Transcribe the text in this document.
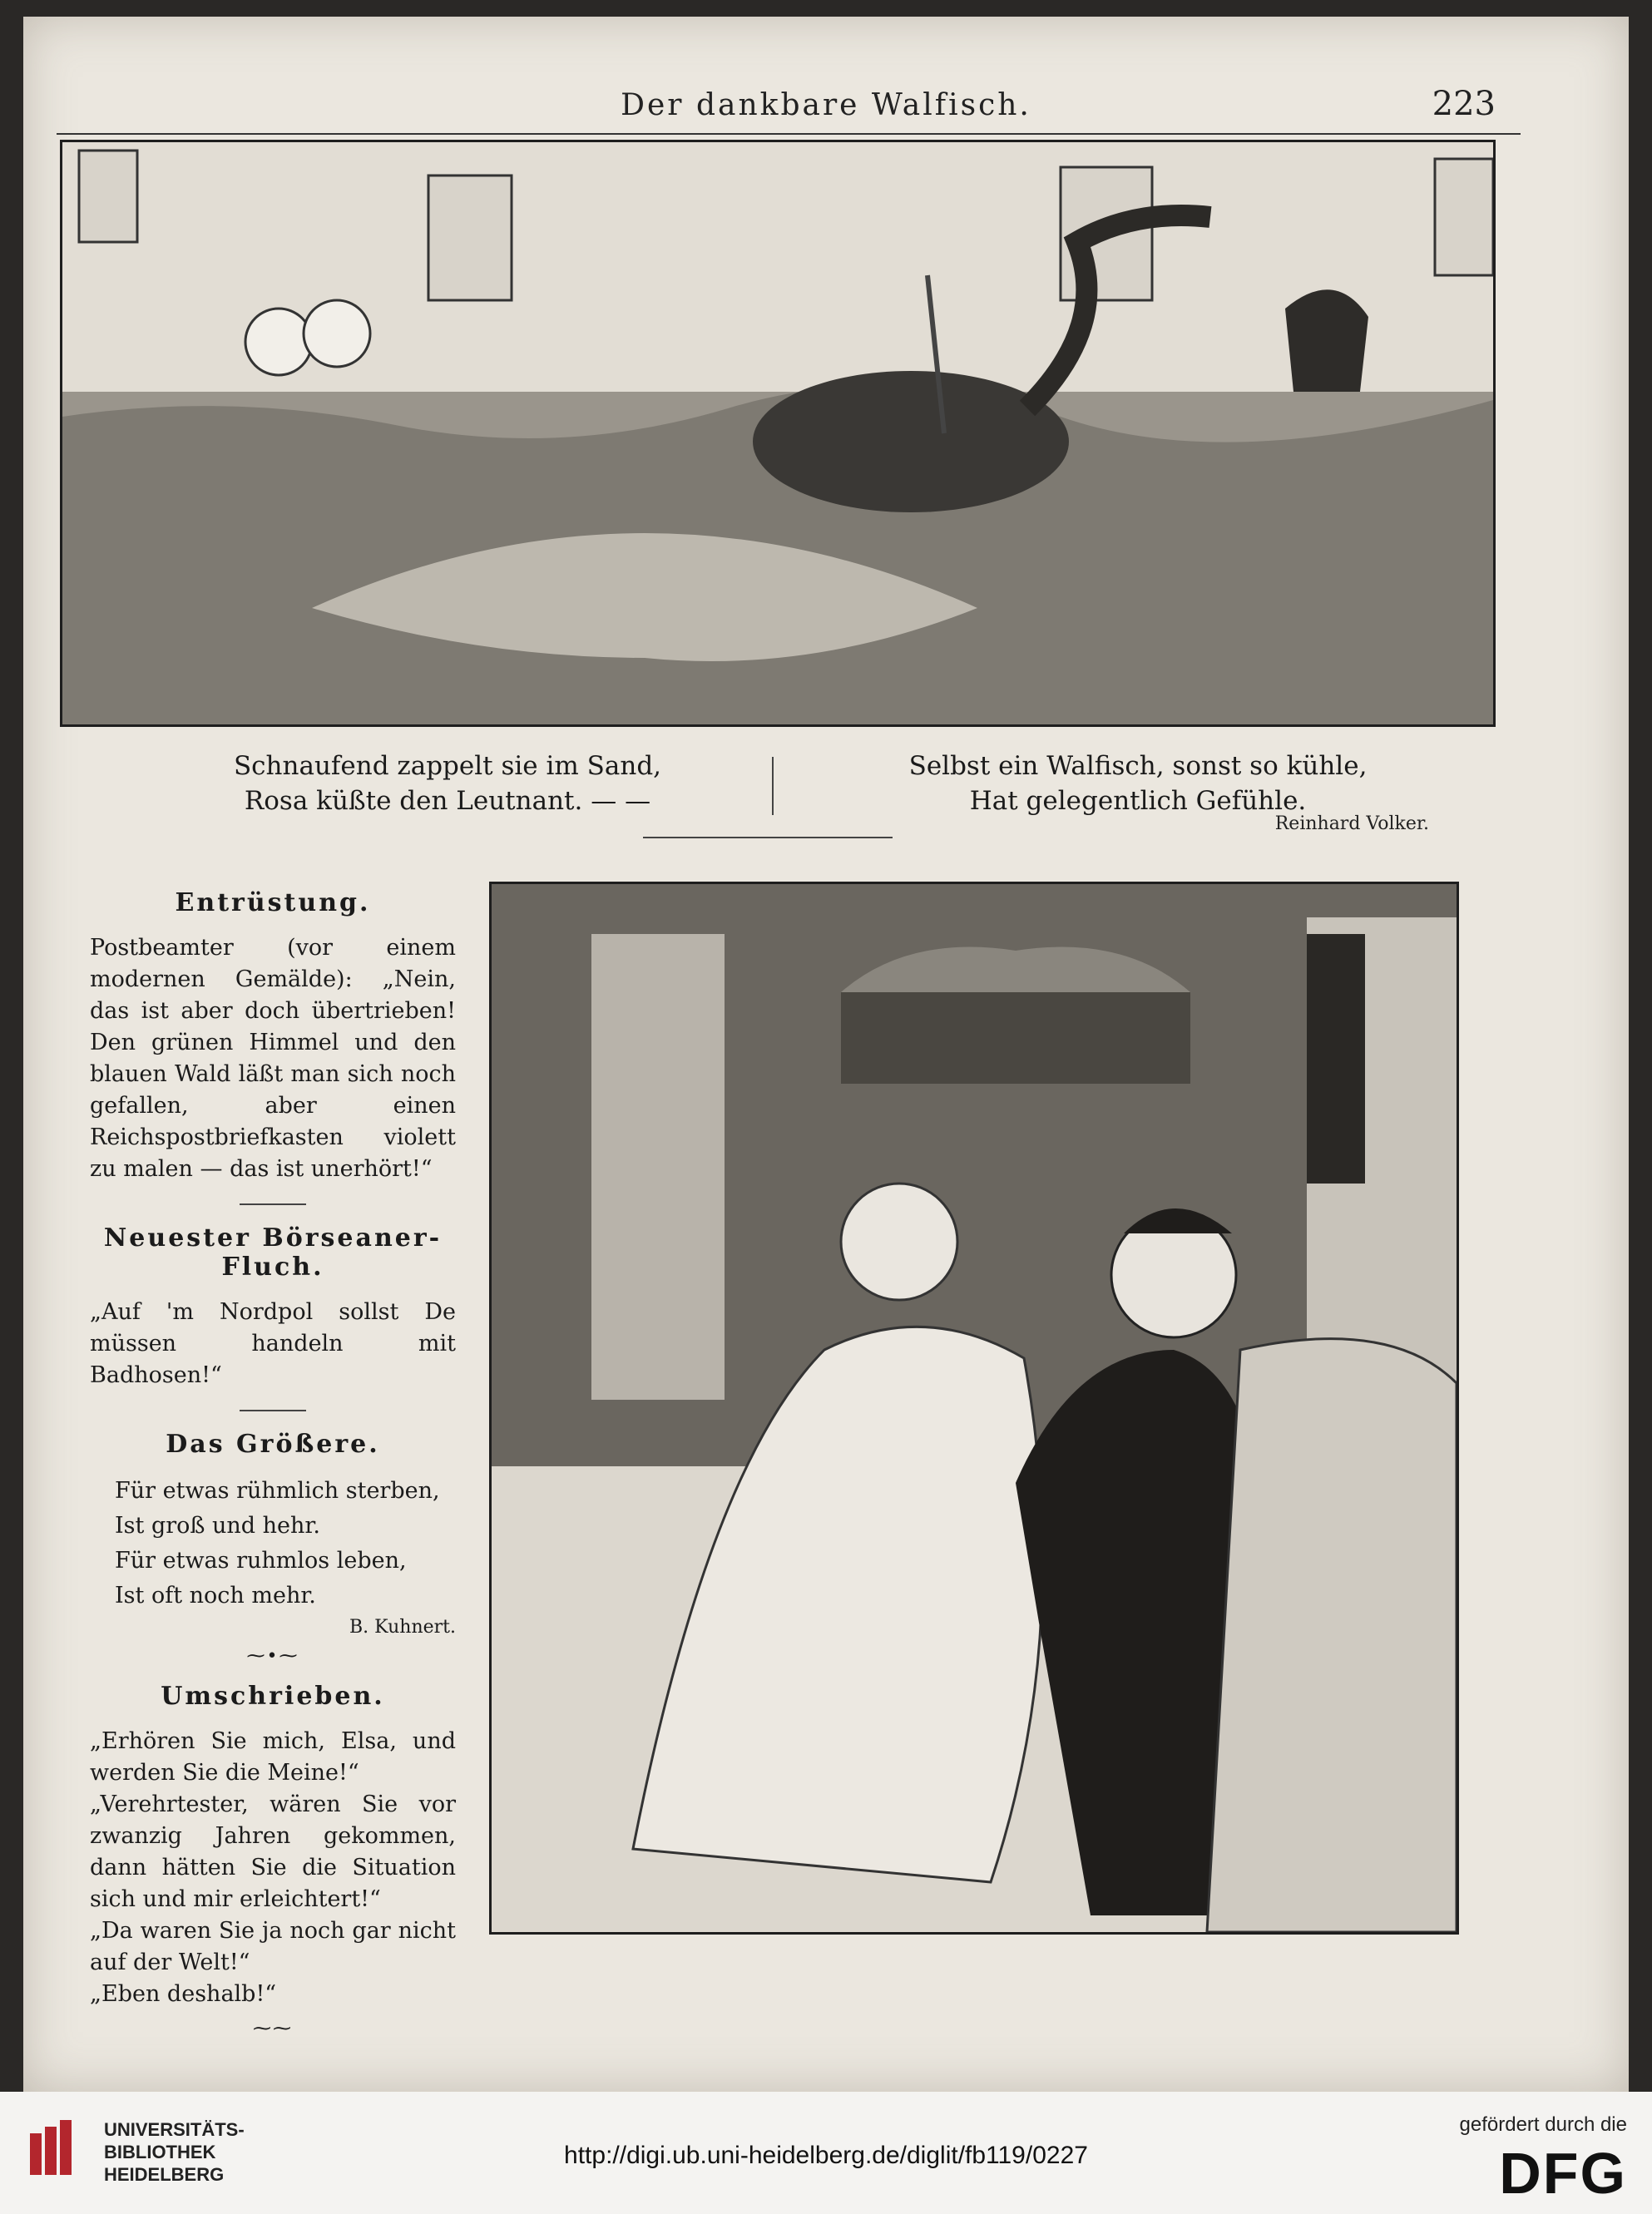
Der dankbare Walfisch.	223
Schnaufend zappelt sie im Sand,
Rosa küßte den Leutnant. — —
Selbst ein Walfisch, sonst so kühle,
Hat gelegentlich Gefühle.
Reinhard Volker.
Entrüstung.
Postbeamter (vor einem modernen Gemälde): „Nein, das ist aber doch übertrieben! Den grünen Himmel und den blauen Wald läßt man sich noch gefallen, aber einen Reichspostbriefkasten violett zu malen — das ist unerhört!“
Neuester Börseaner-Fluch.
„Auf 'm Nordpol sollst De müssen handeln mit Badhosen!“
Das Größere.
Für etwas rühmlich sterben,
Ist groß und hehr.
Für etwas ruhmlos leben,
Ist oft noch mehr.
B. Kuhnert.
⁓•⁓
Umschrieben.
„Erhören Sie mich, Elsa, und werden Sie die Meine!“
„Verehrtester, wären Sie vor zwanzig Jahren gekommen, dann hätten Sie die Situation sich und mir erleichtert!“
„Da waren Sie ja noch gar nicht auf der Welt!“
„Eben deshalb!“
⁓⁓
UNIVERSITÄTS-
BIBLIOTHEK
HEIDELBERG
http://digi.ub.uni-heidelberg.de/diglit/fb119/0227
gefördert durch die
DFG
